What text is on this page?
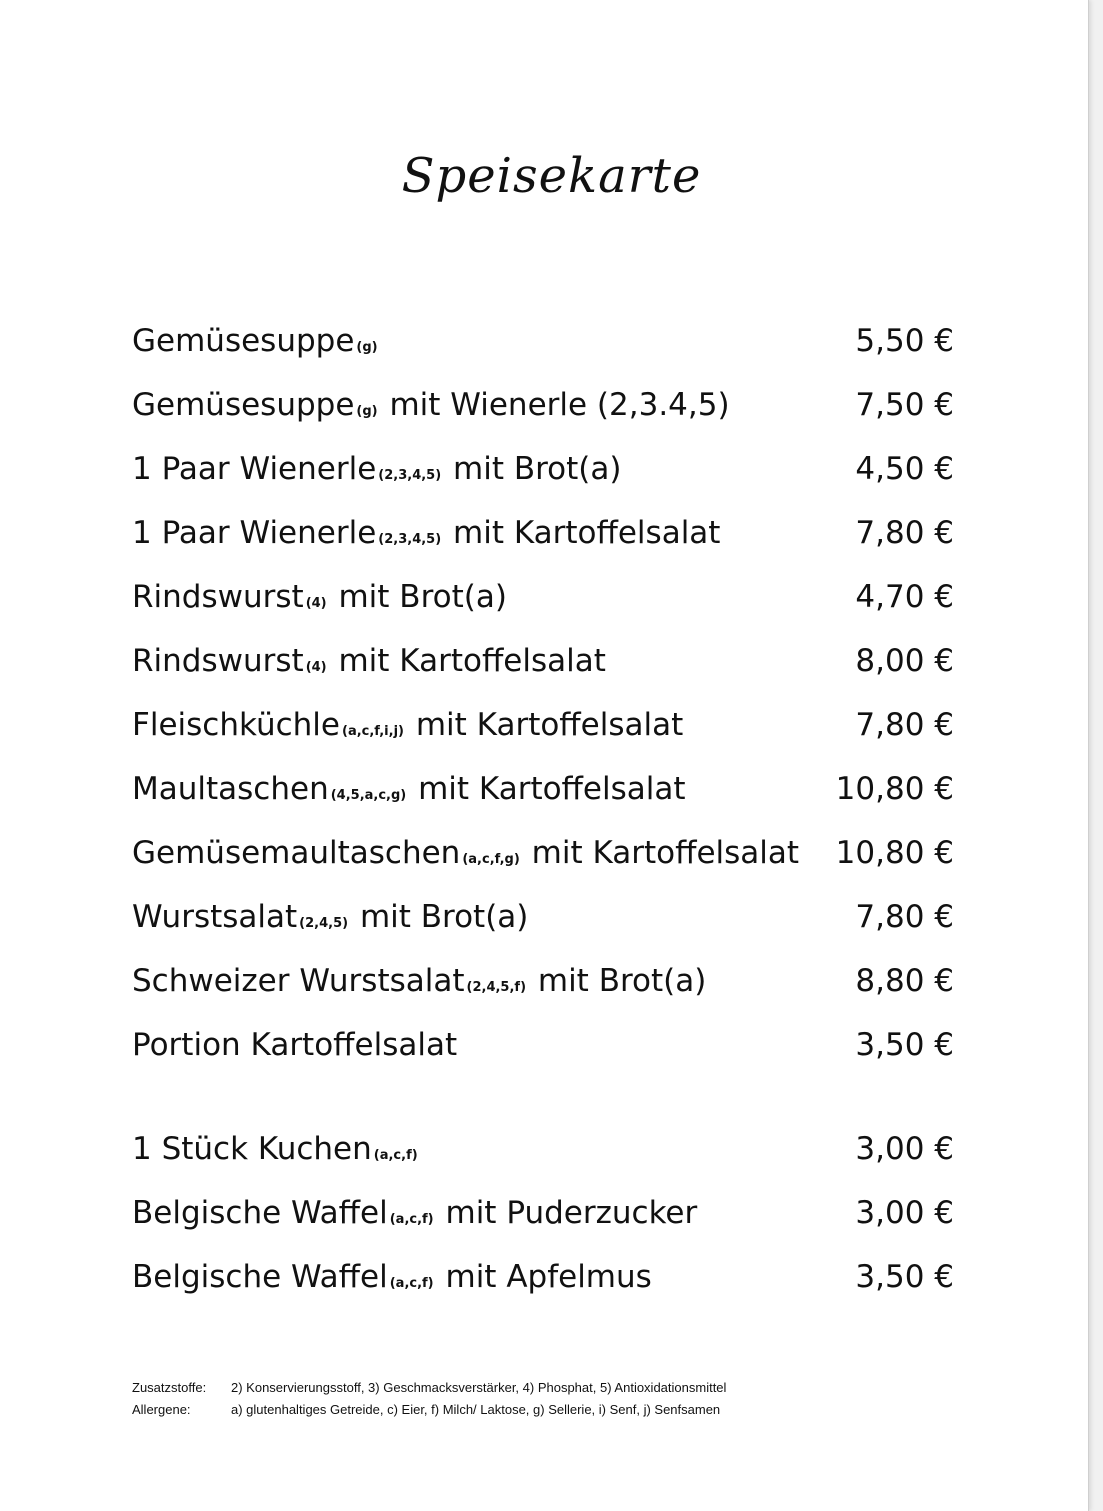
Speisekarte
Gemüsesuppe (g)	5,50 €
Gemüsesuppe (g) mit Wienerle (2,3.4,5)	7,50 €
1 Paar Wienerle (2,3,4,5) mit Brot(a)	4,50 €
1 Paar Wienerle (2,3,4,5) mit Kartoffelsalat	7,80 €
Rindswurst (4) mit Brot(a)	4,70 €
Rindswurst (4) mit Kartoffelsalat	8,00 €
Fleischküchle (a,c,f,i,j) mit Kartoffelsalat	7,80 €
Maultaschen (4,5,a,c,g) mit Kartoffelsalat	10,80 €
Gemüsemaultaschen (a,c,f,g) mit Kartoffelsalat 10,80 €
Wurstsalat (2,4,5) mit Brot(a)	7,80 €
Schweizer Wurstsalat (2,4,5,f) mit Brot(a)	8,80 €
Portion Kartoffelsalat	3,50 €
1 Stück Kuchen (a,c,f)	3,00 €
Belgische Waffel (a,c,f) mit Puderzucker	3,00 €
Belgische Waffel (a,c,f) mit Apfelmus	3,50 €
Zusatzstoffe:	2) Konservierungsstoff, 3) Geschmacksverstärker, 4) Phosphat, 5) Antioxidationsmittel
Allergene:	a) glutenhaltiges Getreide, c) Eier, f) Milch/ Laktose, g) Sellerie, i) Senf, j) Senfsamen
